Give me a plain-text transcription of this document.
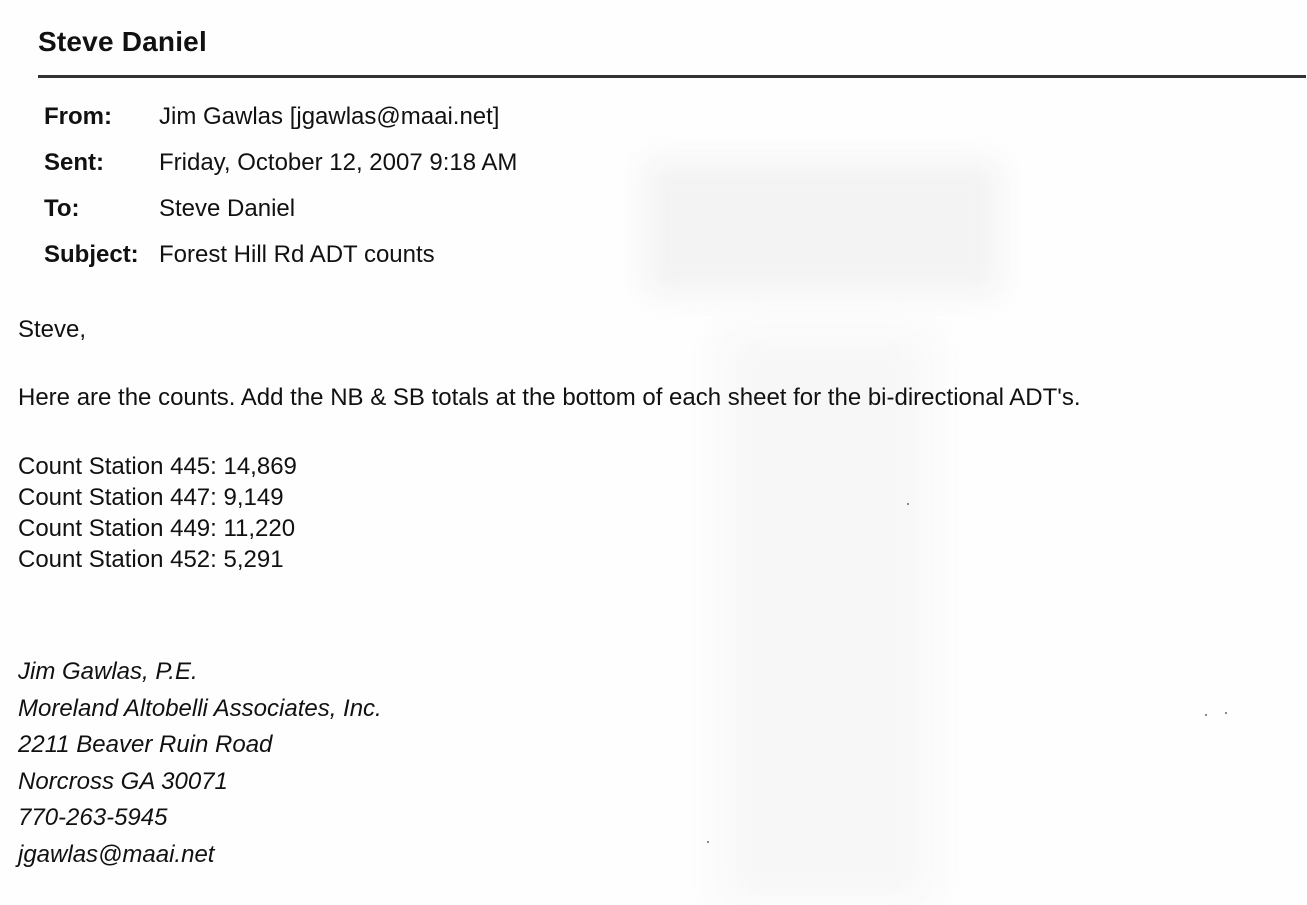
Steve Daniel
From:	Jim Gawlas [jgawlas@maai.net]
Sent:	Friday, October 12, 2007 9:18 AM
To:	Steve Daniel
Subject: Forest Hill Rd ADT counts
Steve,
Here are the counts. Add the NB & SB totals at the bottom of each sheet for the bi-directional ADT's.
Count Station 445: 14,869
Count Station 447: 9,149
Count Station 449: 11,220
Count Station 452: 5,291
Jim Gawlas, P.E.
Moreland Altobelli Associates, Inc.
2211 Beaver Ruin Road
Norcross GA 30071
770-263-5945
jgawlas@maai.net
